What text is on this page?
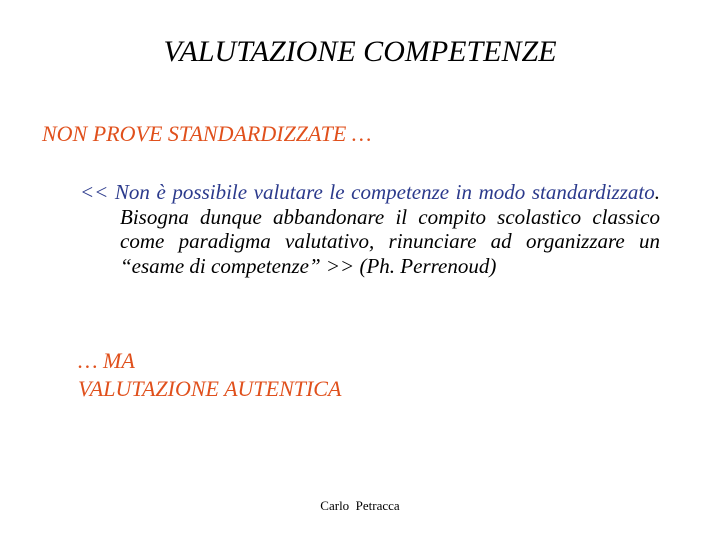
VALUTAZIONE COMPETENZE
NON PROVE STANDARDIZZATE …
<< Non è possibile valutare le competenze in modo standardizzato. Bisogna dunque abbandonare il compito scolastico classico come paradigma valutativo, rinunciare ad organizzare un “esame di competenze” >> (Ph. Perrenoud)
… MA
VALUTAZIONE AUTENTICA
Carlo  Petracca
